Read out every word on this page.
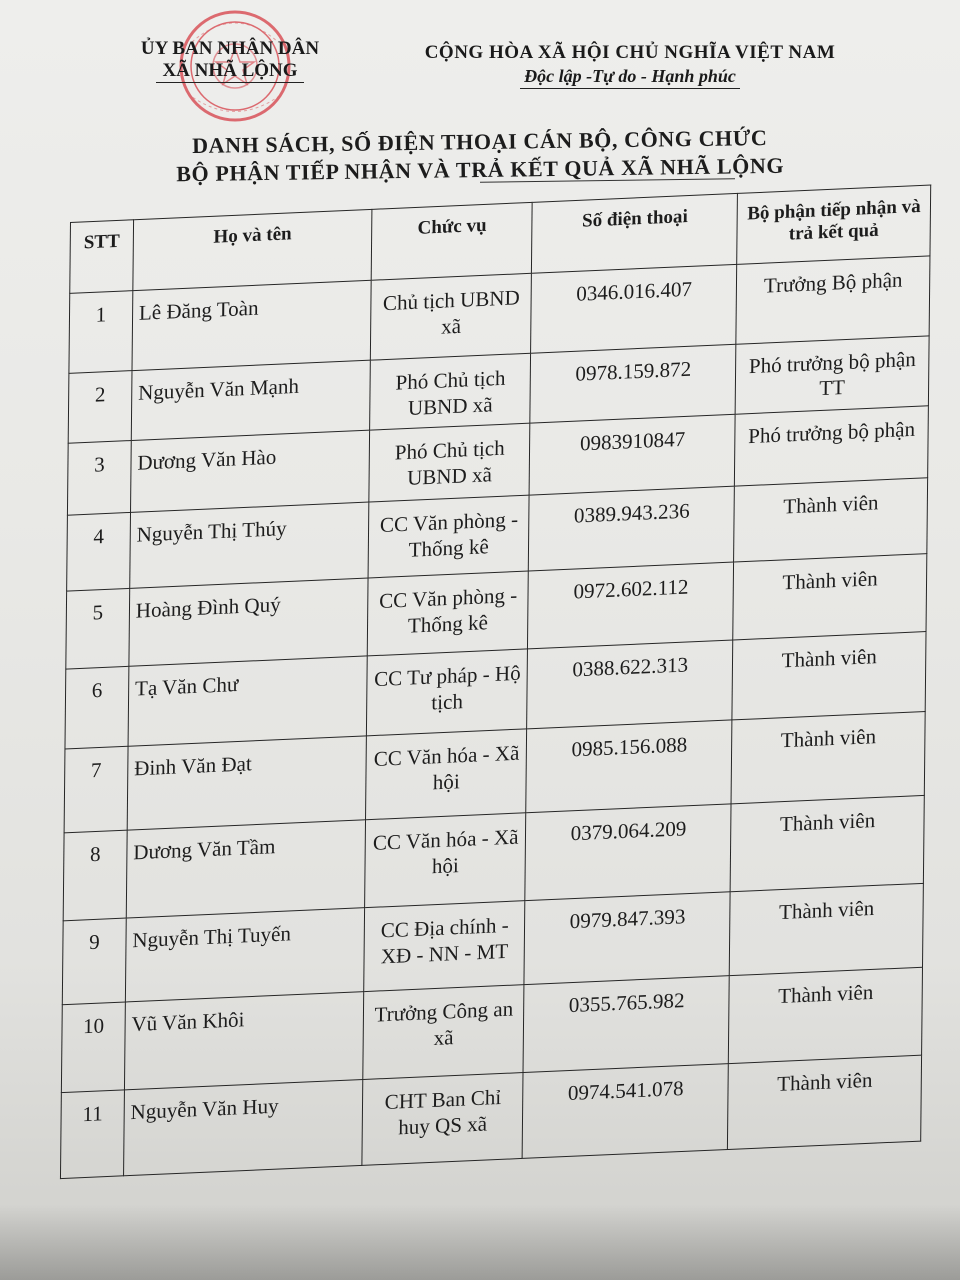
ỦY BAN NHÂN DÂN
XÃ NHÃ LỘNG
CỘNG HÒA XÃ HỘI CHỦ NGHĨA VIỆT NAM
Độc lập -Tự do - Hạnh phúc
DANH SÁCH, SỐ ĐIỆN THOẠI CÁN BỘ, CÔNG CHỨC
BỘ PHẬN TIẾP NHẬN VÀ TRẢ KẾT QUẢ XÃ NHÃ LỘNG
STT	Họ và tên	Chức vụ	Số điện thoại	Bộ phận tiếp nhận và trả kết quả
1	Lê Đăng Toàn	Chủ tịch UBND xã	0346.016.407	Trưởng Bộ phận
2	Nguyễn Văn Mạnh	Phó Chủ tịch UBND xã	0978.159.872	Phó trưởng bộ phận TT
3	Dương Văn Hào	Phó Chủ tịch UBND xã	0983910847	Phó trưởng bộ phận
4	Nguyễn Thị Thúy	CC Văn phòng - Thống kê	0389.943.236	Thành viên
5	Hoàng Đình Quý	CC Văn phòng - Thống kê	0972.602.112	Thành viên
6	Tạ Văn Chư	CC Tư pháp - Hộ tịch	0388.622.313	Thành viên
7	Đinh Văn Đạt	CC Văn hóa - Xã hội	0985.156.088	Thành viên
8	Dương Văn Tầm	CC Văn hóa - Xã hội	0379.064.209	Thành viên
9	Nguyễn Thị Tuyến	CC Địa chính - XĐ - NN - MT	0979.847.393	Thành viên
10	Vũ Văn Khôi	Trưởng Công an xã	0355.765.982	Thành viên
11	Nguyễn Văn Huy	CHT Ban Chỉ huy QS xã	0974.541.078	Thành viên
